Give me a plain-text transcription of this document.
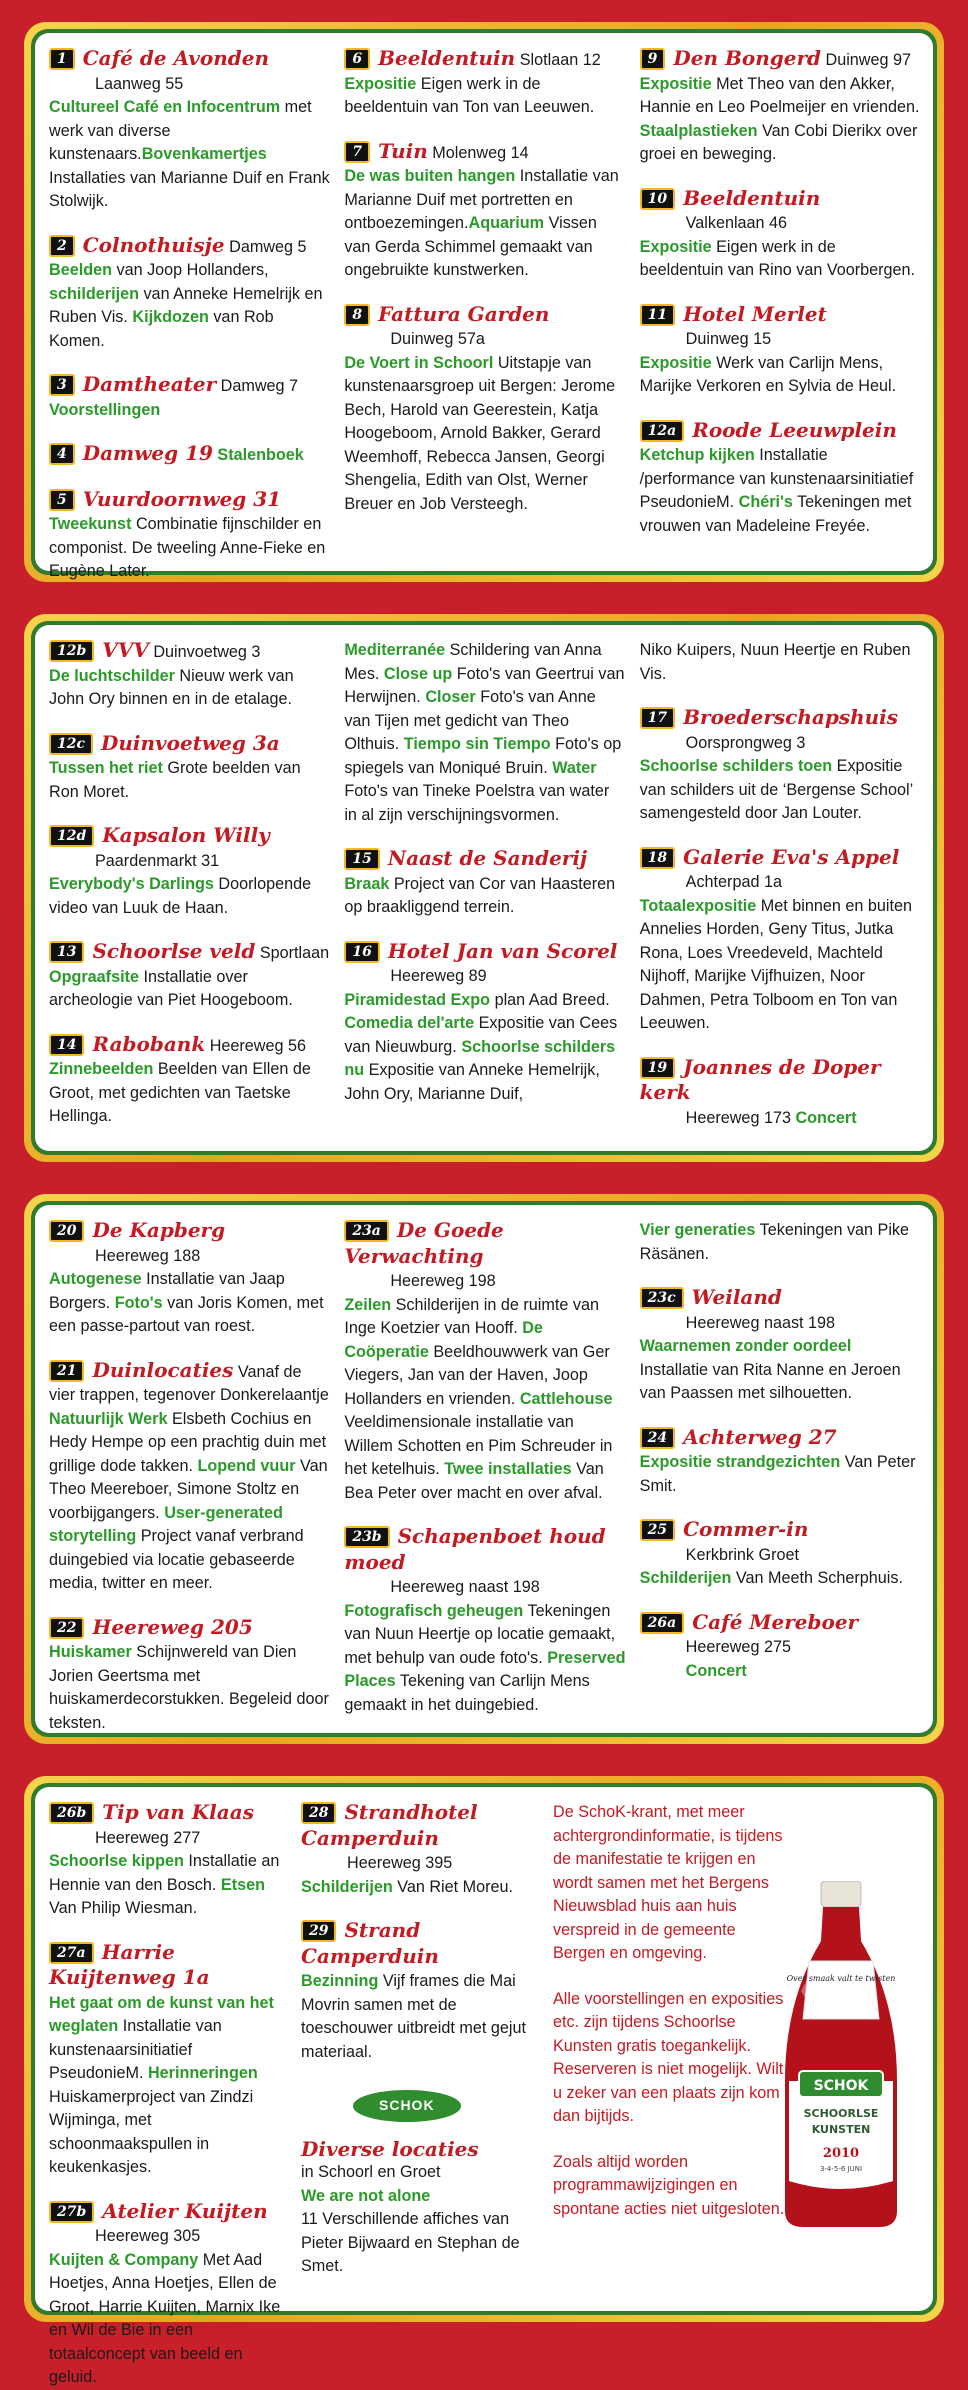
1 Café de Avonden
Laanweg 55
Cultureel Café en Infocentrum met werk van diverse kunstenaars.Bovenkamertjes Installaties van Marianne Duif en Frank Stolwijk.
2 Colnothuisje Damweg 5
Beelden van Joop Hollanders, schilderijen van Anneke Hemelrijk en Ruben Vis. Kijkdozen van Rob Komen.
3 Damtheater Damweg 7
Voorstellingen
4 Damweg 19 Stalenboek
5 Vuurdoornweg 31
Tweekunst Combinatie fijnschilder en componist. De tweeling Anne-Fieke en Eugène Later.
6 Beeldentuin Slotlaan 12
Expositie Eigen werk in de beeldentuin van Ton van Leeuwen.
7 Tuin Molenweg 14
De was buiten hangen Installatie van Marianne Duif met portretten en ontboezemingen.Aquarium Vissen van Gerda Schimmel gemaakt van ongebruikte kunstwerken.
8 Fattura Garden
Duinweg 57a
De Voert in Schoorl Uitstapje van kunstenaarsgroep uit Bergen: Jerome Bech, Harold van Geerestein, Katja Hoogeboom, Arnold Bakker, Gerard Weemhoff, Rebecca Jansen, Georgi Shengelia, Edith van Olst, Werner Breuer en Job Versteegh.
9 Den Bongerd Duinweg 97
Expositie Met Theo van den Akker, Hannie en Leo Poelmeijer en vrienden. Staalplastieken Van Cobi Dierikx over groei en beweging.
10 Beeldentuin
Valkenlaan 46
Expositie Eigen werk in de beeldentuin van Rino van Voorbergen.
11 Hotel Merlet
Duinweg 15
Expositie Werk van Carlijn Mens, Marijke Verkoren en Sylvia de Heul.
12a Roode Leeuwplein
Ketchup kijken Installatie /performance van kunstenaarsinitiatief PseudonieM. Chéri's Tekeningen met vrouwen van Madeleine Freyée.
12b VVV Duinvoetweg 3
De luchtschilder Nieuw werk van John Ory binnen en in de etalage.
12c Duinvoetweg 3a
Tussen het riet Grote beelden van Ron Moret.
12d Kapsalon Willy
Paardenmarkt 31
Everybody's Darlings Doorlopende video van Luuk de Haan.
13 Schoorlse veld Sportlaan
Opgraafsite Installatie over archeologie van Piet Hoogeboom.
14 Rabobank Heereweg 56
Zinnebeelden Beelden van Ellen de Groot, met gedichten van Taetske Hellinga.
Mediterranée Schildering van Anna Mes. Close up Foto's van Geertrui van Herwijnen. Closer Foto's van Anne van Tijen met gedicht van Theo Olthuis. Tiempo sin Tiempo Foto's op spiegels van Moniqué Bruin. Water Foto's van Tineke Poelstra van water in al zijn verschijningsvormen.
15 Naast de Sanderij
Braak Project van Cor van Haasteren op braakliggend terrein.
16 Hotel Jan van Scorel
Heereweg 89
Piramidestad Expo plan Aad Breed. Comedia del'arte Expositie van Cees van Nieuwburg. Schoorlse schilders nu Expositie van Anneke Hemelrijk, John Ory, Marianne Duif,
Niko Kuipers, Nuun Heertje en Ruben Vis.
17 Broederschapshuis
Oorsprongweg 3
Schoorlse schilders toen Expositie van schilders uit de ‘Bergense School’ samengesteld door Jan Louter.
18 Galerie Eva's Appel
Achterpad 1a
Totaalexpositie Met binnen en buiten Annelies Horden, Geny Titus, Jutka Rona, Loes Vreedeveld, Machteld Nijhoff, Marijke Vijfhuizen, Noor Dahmen, Petra Tolboom en Ton van Leeuwen.
19 Joannes de Doper kerk
Heereweg 173 Concert
20 De Kapberg
Heereweg 188
Autogenese Installatie van Jaap Borgers. Foto's van Joris Komen, met een passe-partout van roest.
21 Duinlocaties Vanaf de vier trappen, tegenover Donkerelaantje
Natuurlijk Werk Elsbeth Cochius en Hedy Hempe op een prachtig duin met grillige dode takken. Lopend vuur Van Theo Meereboer, Simone Stoltz en voorbijgangers. User-generated storytelling Project vanaf verbrand duingebied via locatie gebaseerde media, twitter en meer.
22 Heereweg 205
Huiskamer Schijnwereld van Dien Jorien Geertsma met huiskamerdecorstukken. Begeleid door teksten.
23a De Goede Verwachting
Heereweg 198
Zeilen Schilderijen in de ruimte van Inge Koetzier van Hooff. De Coöperatie Beeldhouwwerk van Ger Viegers, Jan van der Haven, Joop Hollanders en vrienden. Cattlehouse Veeldimensionale installatie van Willem Schotten en Pim Schreuder in het ketelhuis. Twee installaties Van Bea Peter over macht en over afval.
23b Schapenboet houd moed
Heereweg naast 198
Fotografisch geheugen Tekeningen van Nuun Heertje op locatie gemaakt, met behulp van oude foto's. Preserved Places Tekening van Carlijn Mens gemaakt in het duingebied.
Vier generaties Tekeningen van Pike Räsänen.
23c Weiland
Heereweg naast 198
Waarnemen zonder oordeel Installatie van Rita Nanne en Jeroen van Paassen met silhouetten.
24 Achterweg 27
Expositie strandgezichten Van Peter Smit.
25 Commer-in
Kerkbrink Groet
Schilderijen Van Meeth Scherphuis.
26a Café Mereboer
Heereweg 275
Concert
26b Tip van Klaas
Heereweg 277
Schoorlse kippen Installatie an Hennie van den Bosch. Etsen Van Philip Wiesman.
27a Harrie Kuijtenweg 1a
Het gaat om de kunst van het weglaten Installatie van kunstenaarsinitiatief PseudonieM. Herinneringen Huiskamerproject van Zindzi Wijminga, met schoonmaakspullen in keukenkasjes.
27b Atelier Kuijten
Heereweg 305
Kuijten & Company Met Aad Hoetjes, Anna Hoetjes, Ellen de Groot, Harrie Kuijten, Marnix Ike en Wil de Bie in een totaalconcept van beeld en geluid.
28 Strandhotel Camperduin
Heereweg 395
Schilderijen Van Riet Moreu.
29 Strand Camperduin
Bezinning Vijf frames die Mai Movrin samen met de toeschouwer uitbreidt met gejut materiaal.
SCHOK
Diverse locaties
in Schoorl en Groet
We are not alone
11 Verschillende affiches van Pieter Bijwaard en Stephan de Smet.

De SchoK-krant, met meer achtergrondinformatie, is tijdens de manifestatie te krijgen en wordt samen met het Bergens Nieuwsblad huis aan huis verspreid in de gemeente Bergen en omgeving.

Alle voorstellingen en exposities etc. zijn tijdens Schoorlse Kunsten gratis toegankelijk. Reserveren is niet mogelijk. Wilt u zeker van een plaats zijn kom dan bijtijds.

Zoals altijd worden programmawijzigingen en spontane acties niet uitgesloten.

Over smaak valt te twisten
SCHOK
SCHOORLSE
KUNSTEN
2010
3-4-5-6 JUNI
